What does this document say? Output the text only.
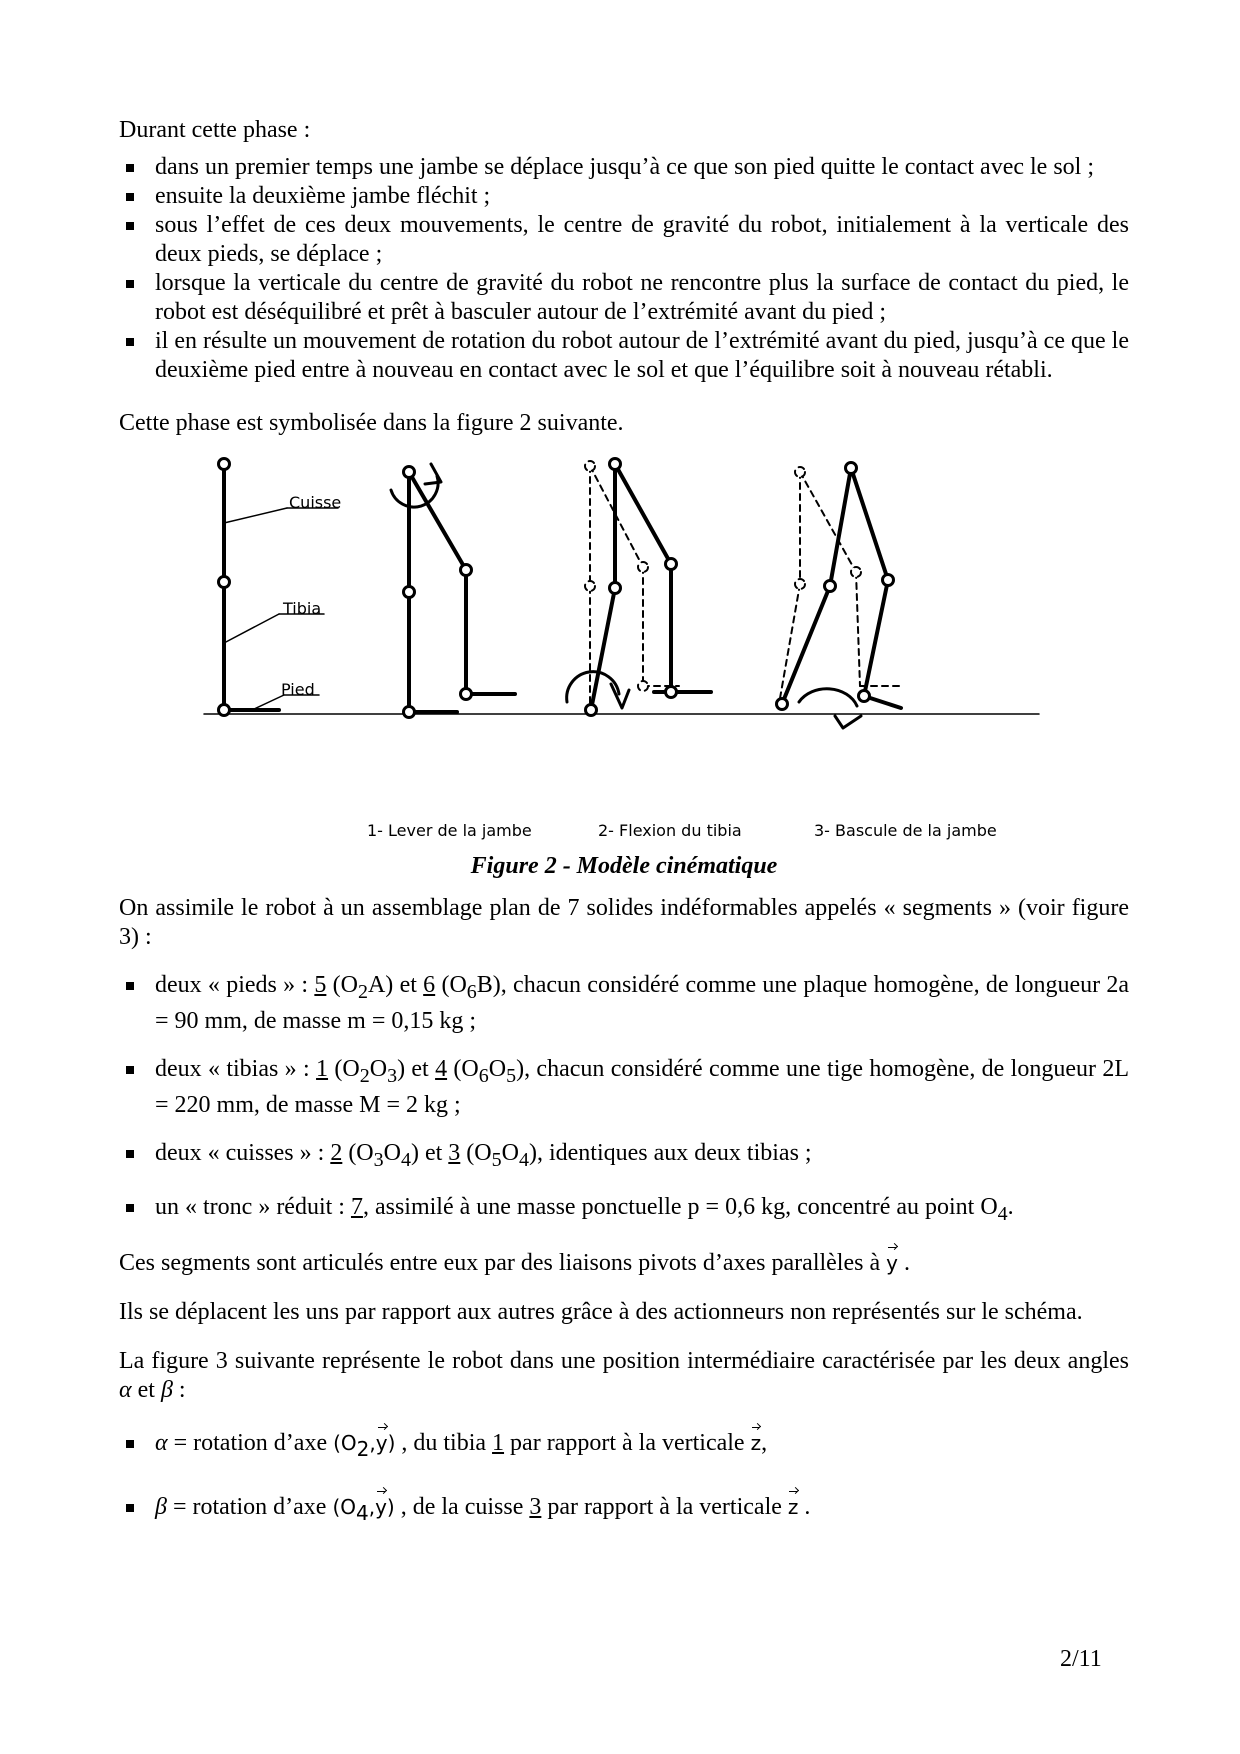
Durant cette phase :

dans un premier temps une jambe se déplace jusqu’à ce que son pied quitte le contact avec le sol ;
ensuite la deuxième jambe fléchit ;
sous l’effet de ces deux mouvements, le centre de gravité du robot, initialement à la verticale des deux pieds, se déplace ;
lorsque la verticale du centre de gravité du robot ne rencontre plus la surface de contact du pied, le robot est déséquilibré et prêt à basculer autour de l’extrémité avant du pied ;
il en résulte un mouvement de rotation du robot autour de l’extrémité avant du pied, jusqu’à ce que le deuxième pied entre à nouveau en contact avec le sol et que l’équilibre soit à nouveau rétabli.

Cette phase est symbolisée dans la figure 2 suivante.

Cuisse
Tibia
Pied
1- Lever de la jambe	2- Flexion du tibia	3- Bascule de la jambe
Figure 2 - Modèle cinématique

On assimile le robot à un assemblage plan de 7 solides indéformables appelés « segments » (voir figure 3) :

deux « pieds » : 5 $(O_2A)$ et 6 $(O_6B)$, chacun considéré comme une plaque homogène, de longueur 2a = 90 mm, de masse m = 0,15 kg ;
deux « tibias » : 1 $(O_2O_3)$ et 4 $(O_6O_5)$, chacun considéré comme une tige homogène, de longueur 2L = 220 mm, de masse M = 2 kg ;
deux « cuisses » : 2 $(O_3O_4)$ et 3 $(O_5O_4)$, identiques aux deux tibias ;
un « tronc » réduit : 7, assimilé à une masse ponctuelle p = 0,6 kg, concentré au point $O_4$.

Ces segments sont articulés entre eux par des liaisons pivots d’axes parallèles à y .

Ils se déplacent les uns par rapport aux autres grâce à des actionneurs non représentés sur le schéma.

La figure 3 suivante représente le robot dans une position intermédiaire caractérisée par les deux angles α et β :

α = rotation d’axe $(O_2,y)$ , du tibia 1 par rapport à la verticale z,
β = rotation d’axe $(O_4,y)$ , de la cuisse 3 par rapport à la verticale z .
2/11
